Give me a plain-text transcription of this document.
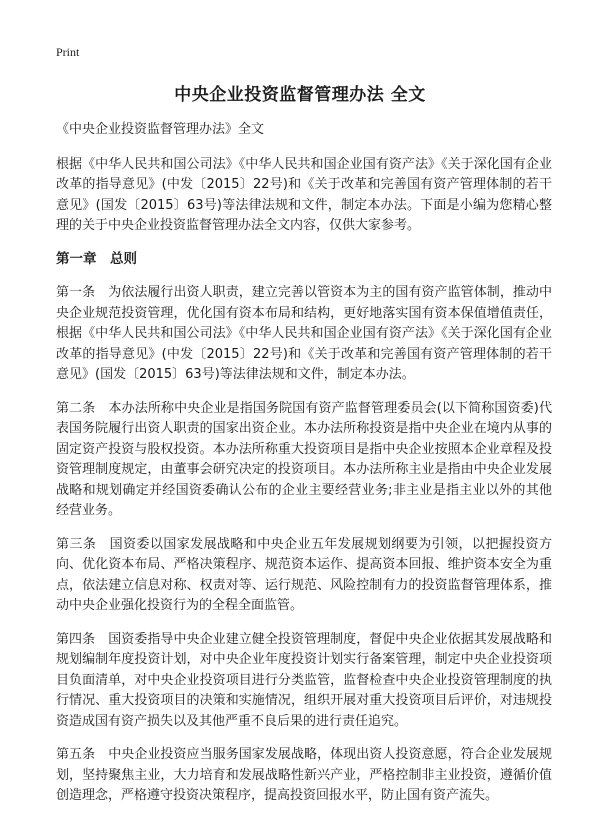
Print
中央企业投资监督管理办法 全文

《中央企业投资监督管理办法》全文

根据《中华人民共和国公司法》《中华人民共和国企业国有资产法》《关于深化国有企业改革的指导意见》(中发〔2015〕22号)和《关于改革和完善国有资产管理体制的若干意见》(国发〔2015〕63号)等法律法规和文件，制定本办法。下面是小编为您精心整理的关于中央企业投资监督管理办法全文内容，仅供大家参考。

第一章　总则

第一条　为依法履行出资人职责，建立完善以管资本为主的国有资产监管体制，推动中央企业规范投资管理，优化国有资本布局和结构，更好地落实国有资本保值增值责任，根据《中华人民共和国公司法》《中华人民共和国企业国有资产法》《关于深化国有企业改革的指导意见》(中发〔2015〕22号)和《关于改革和完善国有资产管理体制的若干意见》(国发〔2015〕63号)等法律法规和文件，制定本办法。

第二条　本办法所称中央企业是指国务院国有资产监督管理委员会(以下简称国资委)代表国务院履行出资人职责的国家出资企业。本办法所称投资是指中央企业在境内从事的固定资产投资与股权投资。本办法所称重大投资项目是指中央企业按照本企业章程及投资管理制度规定，由董事会研究决定的投资项目。本办法所称主业是指由中央企业发展战略和规划确定并经国资委确认公布的企业主要经营业务;非主业是指主业以外的其他经营业务。

第三条　国资委以国家发展战略和中央企业五年发展规划纲要为引领，以把握投资方向、优化资本布局、严格决策程序、规范资本运作、提高资本回报、维护资本安全为重点，依法建立信息对称、权责对等、运行规范、风险控制有力的投资监督管理体系，推动中央企业强化投资行为的全程全面监管。

第四条　国资委指导中央企业建立健全投资管理制度，督促中央企业依据其发展战略和规划编制年度投资计划，对中央企业年度投资计划实行备案管理，制定中央企业投资项目负面清单，对中央企业投资项目进行分类监管，监督检查中央企业投资管理制度的执行情况、重大投资项目的决策和实施情况，组织开展对重大投资项目后评价，对违规投资造成国有资产损失以及其他严重不良后果的进行责任追究。

第五条　中央企业投资应当服务国家发展战略，体现出资人投资意愿，符合企业发展规划，坚持聚焦主业，大力培育和发展战略性新兴产业，严格控制非主业投资，遵循价值创造理念，严格遵守投资决策程序，提高投资回报水平，防止国有资产流失。
